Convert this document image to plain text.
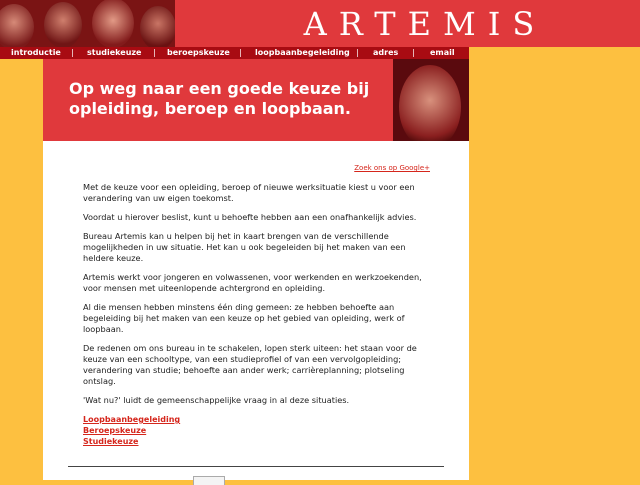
ARTEMIS
introductie | studiekeuze | beroepskeuze | loopbaanbegeleiding | adres | email
Op weg naar een goede keuze bij opleiding, beroep en loopbaan.
Zoek ons op Google+

Met de keuze voor een opleiding, beroep of nieuwe werksituatie kiest u voor een verandering van uw eigen toekomst.

Voordat u hierover beslist, kunt u behoefte hebben aan een onafhankelijk advies.

Bureau Artemis kan u helpen bij het in kaart brengen van de verschillende mogelijkheden in uw situatie. Het kan u ook begeleiden bij het maken van een heldere keuze.

Artemis werkt voor jongeren en volwassenen, voor werkenden en werkzoekenden, voor mensen met uiteenlopende achtergrond en opleiding.

Al die mensen hebben minstens één ding gemeen: ze hebben behoefte aan begeleiding bij het maken van een keuze op het gebied van opleiding, werk of loopbaan.

De redenen om ons bureau in te schakelen, lopen sterk uiteen: het staan voor de keuze van een schooltype, van een studieprofiel of van een vervolgopleiding; verandering van studie; behoefte aan ander werk; carrièreplanning; plotseling ontslag.

'Wat nu?' luidt de gemeenschappelijke vraag in al deze situaties.

Loopbaanbegeleiding
Beroepskeuze
Studiekeuze
